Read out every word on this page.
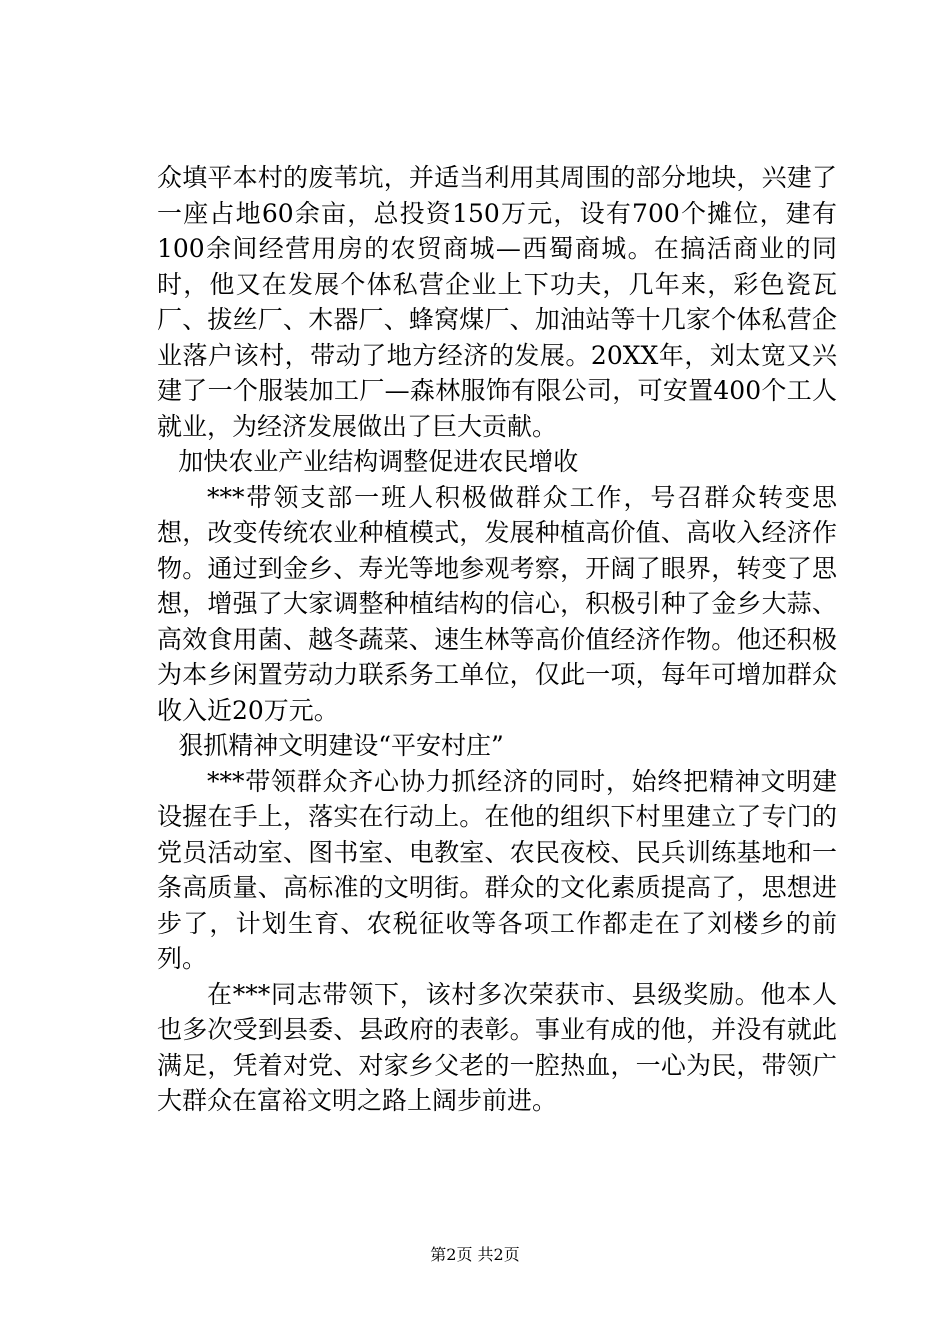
众填平本村的废苇坑，并适当利用其周围的部分地块，兴建了一座占地60余亩，总投资150万元，设有700个摊位，建有100余间经营用房的农贸商城—西蜀商城。在搞活商业的同时，他又在发展个体私营企业上下功夫，几年来，彩色瓷瓦厂、拔丝厂、木器厂、蜂窝煤厂、加油站等十几家个体私营企业落户该村，带动了地方经济的发展。20XX年，刘太宽又兴建了一个服装加工厂—森林服饰有限公司，可安置400个工人就业，为经济发展做出了巨大贡献。

加快农业产业结构调整促进农民增收

***带领支部一班人积极做群众工作，号召群众转变思想，改变传统农业种植模式，发展种植高价值、高收入经济作物。通过到金乡、寿光等地参观考察，开阔了眼界，转变了思想，增强了大家调整种植结构的信心，积极引种了金乡大蒜、高效食用菌、越冬蔬菜、速生林等高价值经济作物。他还积极为本乡闲置劳动力联系务工单位，仅此一项，每年可增加群众收入近20万元。

狠抓精神文明建设“平安村庄”

***带领群众齐心协力抓经济的同时，始终把精神文明建设握在手上，落实在行动上。在他的组织下村里建立了专门的党员活动室、图书室、电教室、农民夜校、民兵训练基地和一条高质量、高标准的文明街。群众的文化素质提高了，思想进步了，计划生育、农税征收等各项工作都走在了刘楼乡的前列。

在***同志带领下，该村多次荣获市、县级奖励。他本人也多次受到县委、县政府的表彰。事业有成的他，并没有就此满足，凭着对党、对家乡父老的一腔热血，一心为民，带领广大群众在富裕文明之路上阔步前进。

第2页 共2页
